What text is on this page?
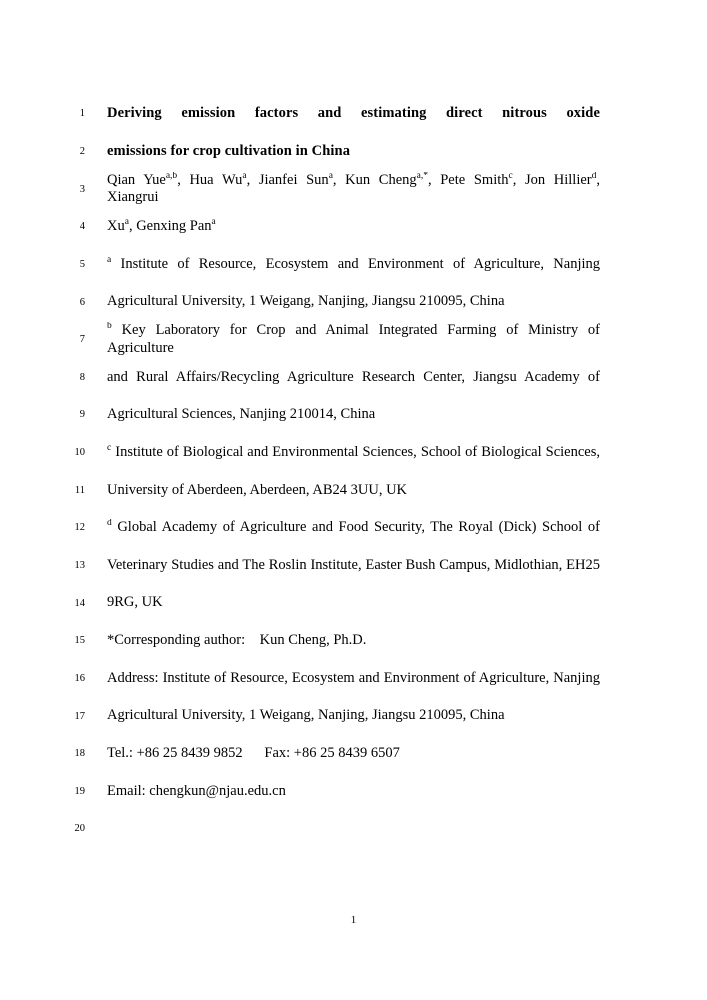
1 Deriving emission factors and estimating direct nitrous oxide
2 emissions for crop cultivation in China
3
Qian Yue$^{a,b}$, Hua Wu$^a$, Jianfei Sun$^a$, Kun Cheng$^{a,*}$, Pete Smith$^c$, Jon Hillier$^d$, Xiangrui
4 Xu$^a$, Genxing Pan$^a$
5 $^a$ Institute of Resource, Ecosystem and Environment of Agriculture, Nanjing
6 Agricultural University, 1 Weigang, Nanjing, Jiangsu 210095, China
7
$^b$ Key Laboratory for Crop and Animal Integrated Farming of Ministry of Agriculture
8 and Rural Affairs/Recycling Agriculture Research Center, Jiangsu Academy of
9 Agricultural Sciences, Nanjing 210014, China
10 $^c$ Institute of Biological and Environmental Sciences, School of Biological Sciences,
11 University of Aberdeen, Aberdeen, AB24 3UU, UK
12 $^d$ Global Academy of Agriculture and Food Security, The Royal (Dick) School of
13 Veterinary Studies and The Roslin Institute, Easter Bush Campus, Midlothian, EH25
14 9RG, UK
15 *Corresponding author:    Kun Cheng, Ph.D.
16 Address: Institute of Resource, Ecosystem and Environment of Agriculture, Nanjing
17 Agricultural University, 1 Weigang, Nanjing, Jiangsu 210095, China
18 Tel.: +86 25 8439 9852      Fax: +86 25 8439 6507
19 Email: chengkun@njau.edu.cn
20
1
